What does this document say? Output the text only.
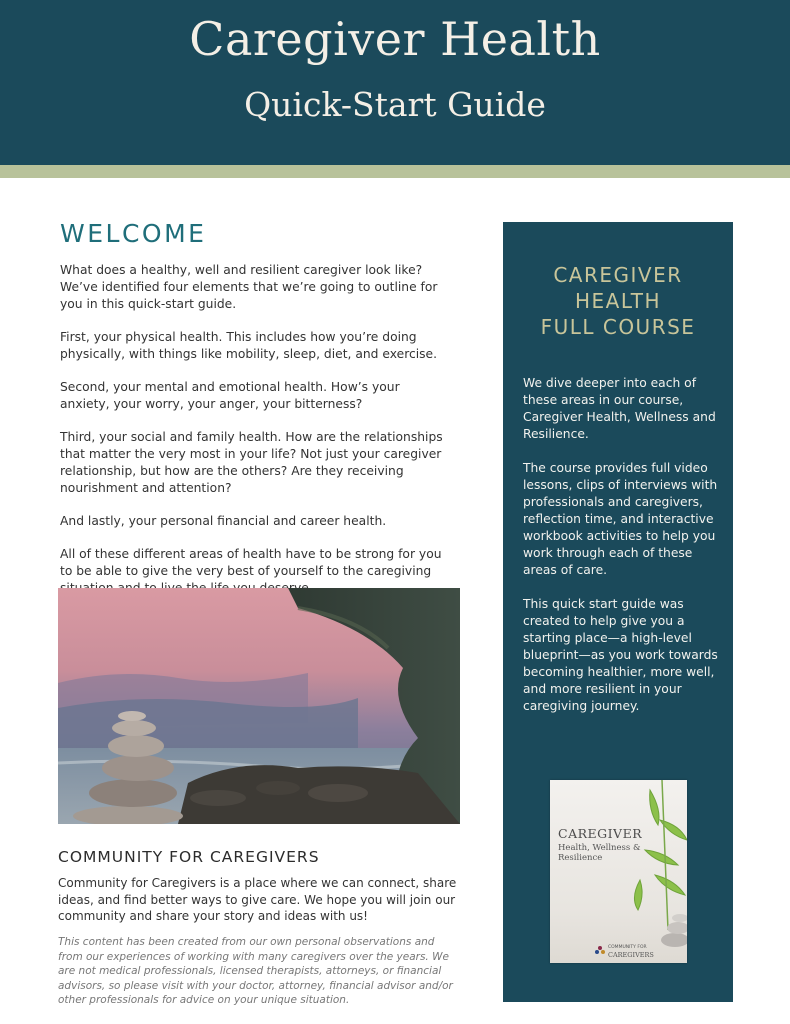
Caregiver Health
Quick-Start Guide
WELCOME

What does a healthy, well and resilient caregiver look like? We’ve identified four elements that we’re going to outline for you in this quick-start guide.

First, your physical health. This includes how you’re doing physically, with things like mobility, sleep, diet, and exercise.

Second, your mental and emotional health. How’s your anxiety, your worry, your anger, your bitterness?

Third, your social and family health. How are the relationships that matter the very most in your life? Not just your caregiver relationship, but how are the others? Are they receiving nourishment and attention?

And lastly, your personal financial and career health.

All of these different areas of health have to be strong for you to be able to give the very best of yourself to the caregiving

COMMUNITY FOR CAREGIVERS
Community for Caregivers is a place where we can connect, share ideas, and find better ways to give care. We hope you will join our community and share your story and ideas with us!
This content has been created from our own personal observations and from our experiences of working with many caregivers over the years. We are not medical professionals, licensed therapists, attorneys, or financial advisors, so please visit with your doctor, attorney, financial advisor and/or other professionals for advice on your unique situation.
CAREGIVER
HEALTH
FULL COURSE

We dive deeper into each of these areas in our course, Caregiver Health, Wellness and Resilience.

The course provides full video lessons, clips of interviews with professionals and caregivers, reflection time, and interactive workbook activities to help you work through each of these areas of care.

This quick start guide was created to help give you a starting place—a high-level blueprint—as you work towards becoming healthier, more well, and more resilient in your caregiving journey.

CAREGIVER
Health, Wellness & Resilience
COMMUNITY FOR
CAREGIVERS
